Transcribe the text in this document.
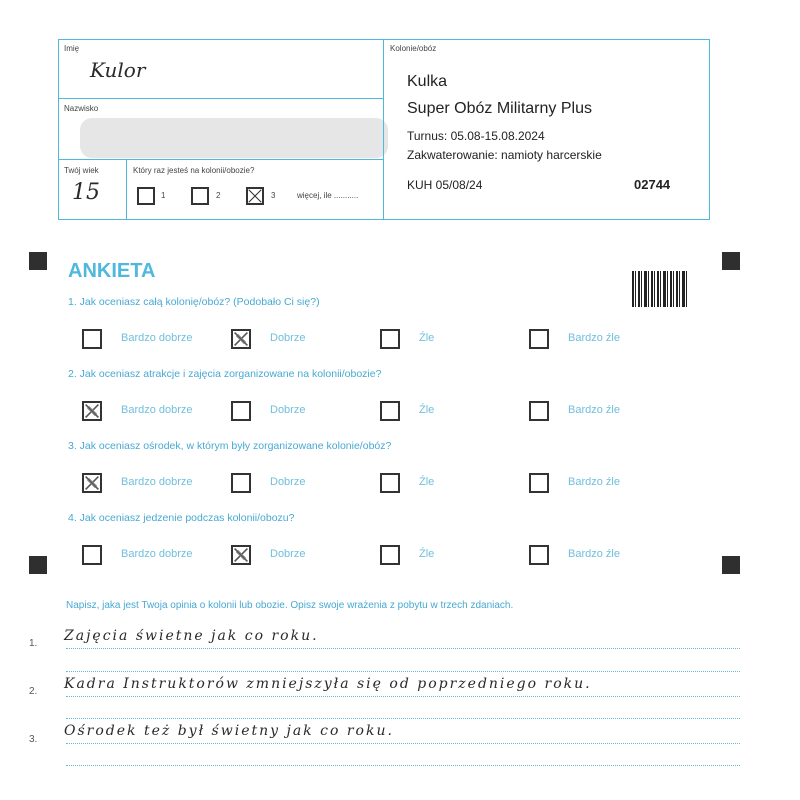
Imię
Kulor
Nazwisko
Twój wiek
15
Który raz jesteś na kolonii/obozie?
1	2	3	więcej, ile ...........
Kolonie/obóz
Kulka
Super Obóz Militarny Plus
Turnus: 05.08-15.08.2024
Zakwaterowanie: namioty harcerskie
KUH 05/08/24	02744
ANKIETA
1. Jak oceniasz całą kolonię/obóz? (Podobało Ci się?)
Bardzo dobrze	Dobrze	Źle	Bardzo źle
2. Jak oceniasz atrakcje i zajęcia zorganizowane na kolonii/obozie?
Bardzo dobrze	Dobrze	Źle	Bardzo źle
3. Jak oceniasz ośrodek, w którym były zorganizowane kolonie/obóz?
Bardzo dobrze	Dobrze	Źle	Bardzo źle
4. Jak oceniasz jedzenie podczas kolonii/obozu?
Bardzo dobrze	Dobrze	Źle	Bardzo źle
Napisz, jaka jest Twoja opinia o kolonii lub obozie. Opisz swoje wrażenia z pobytu w trzech zdaniach.
1. Zajęcia świetne jak co roku.
2. Kadra Instruktorów zmniejszyła się od poprzedniego roku.
3.
Ośrodek też był świetny jak co roku.
